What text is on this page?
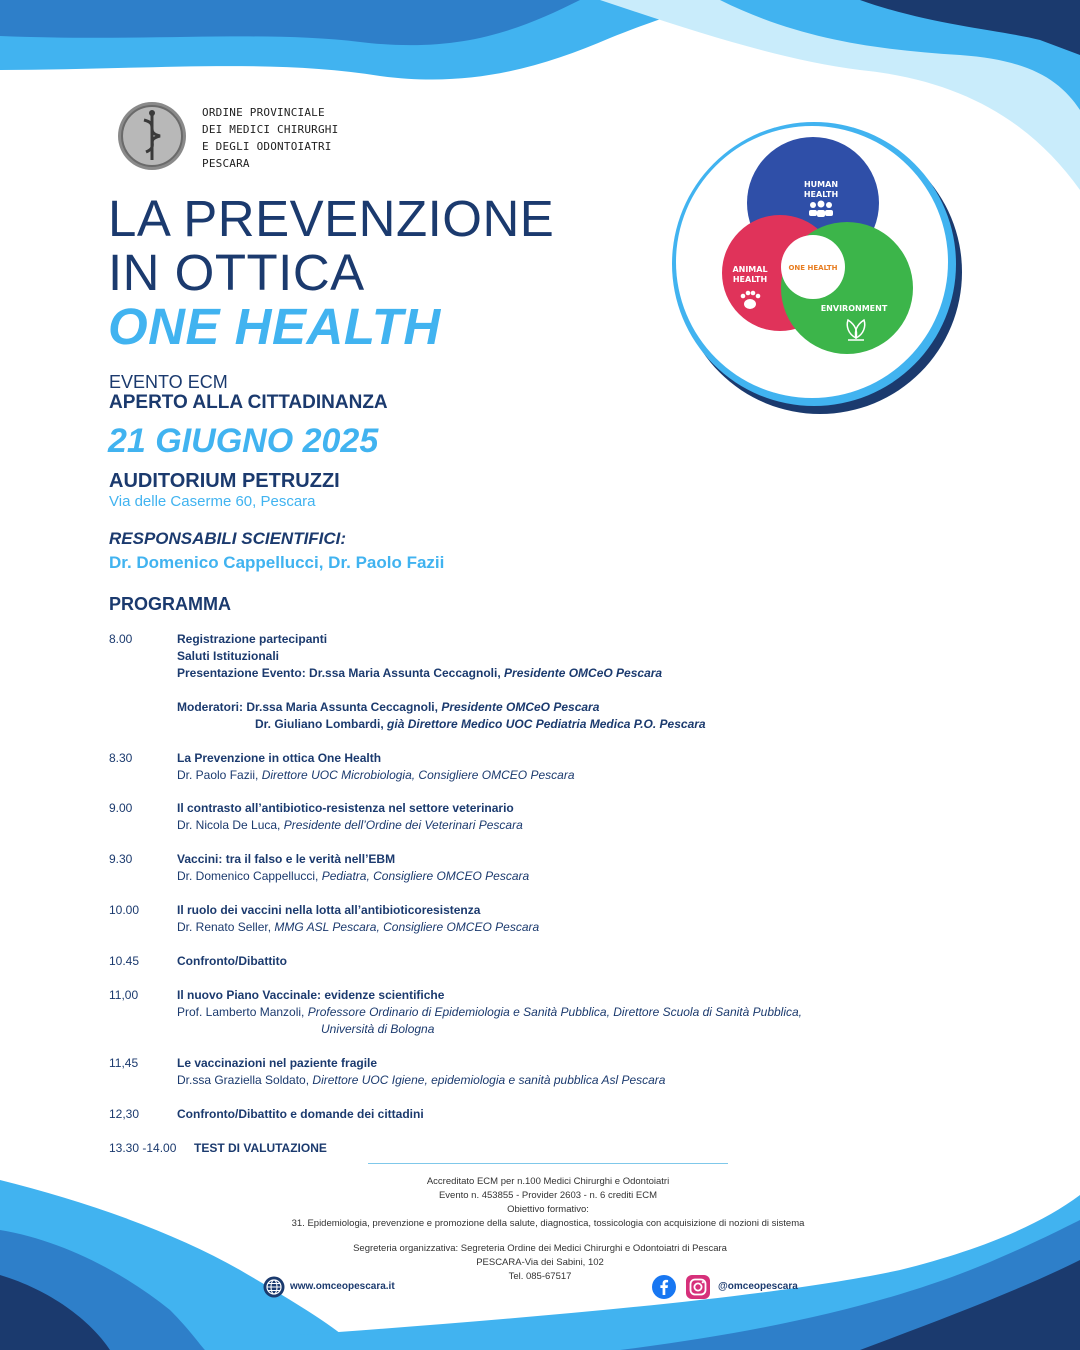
ORDINE PROVINCIALE
DEI MEDICI CHIRURGHI
E DEGLI ODONTOIATRI
PESCARA
LA PREVENZIONE
IN OTTICA
ONE HEALTH
HUMAN
HEALTH
ANIMAL
HEALTH
ONE HEALTH
ENVIRONMENT
EVENTO ECM
APERTO ALLA CITTADINANZA
21 GIUGNO 2025
AUDITORIUM PETRUZZI
Via delle Caserme 60, Pescara
RESPONSABILI SCIENTIFICI:
Dr. Domenico Cappellucci, Dr. Paolo Fazii
PROGRAMMA
8.00	Registrazione partecipanti
Saluti Istituzionali
Presentazione Evento: Dr.ssa Maria Assunta Ceccagnoli, Presidente OMCeO Pescara
Moderatori: Dr.ssa Maria Assunta Ceccagnoli, Presidente OMCeO Pescara
Dr. Giuliano Lombardi, già Direttore Medico UOC Pediatria Medica P.O. Pescara
8.30	La Prevenzione in ottica One Health
Dr. Paolo Fazii, Direttore UOC Microbiologia, Consigliere OMCEO Pescara
9.00	Il contrasto all’antibiotico-resistenza nel settore veterinario
Dr. Nicola De Luca, Presidente dell’Ordine dei Veterinari Pescara
9.30	Vaccini: tra il falso e le verità nell’EBM
Dr. Domenico Cappellucci, Pediatra, Consigliere OMCEO Pescara
10.00	Il ruolo dei vaccini nella lotta all’antibioticoresistenza
Dr. Renato Seller, MMG ASL Pescara, Consigliere OMCEO Pescara
10.45	Confronto/Dibattito
11,00	Il nuovo Piano Vaccinale: evidenze scientifiche
Prof. Lamberto Manzoli, Professore Ordinario di Epidemiologia e Sanità Pubblica, Direttore Scuola di Sanità Pubblica,
Università di Bologna
11,45	Le vaccinazioni nel paziente fragile
Dr.ssa Graziella Soldato, Direttore UOC Igiene, epidemiologia e sanità pubblica Asl Pescara
12,30	Confronto/Dibattito e domande dei cittadini
13.30 -14.00 TEST DI VALUTAZIONE
Accreditato ECM per n.100 Medici Chirurghi e Odontoiatri
Evento n. 453855 - Provider 2603 - n. 6 crediti ECM
Obiettivo formativo:
31. Epidemiologia, prevenzione e promozione della salute, diagnostica, tossicologia con acquisizione di nozioni di sistema
Segreteria organizzativa: Segreteria Ordine dei Medici Chirurghi e Odontoiatri di Pescara
PESCARA-Via dei Sabini, 102
Tel. 085-67517
www.omceopescara.it	@omceopescara
